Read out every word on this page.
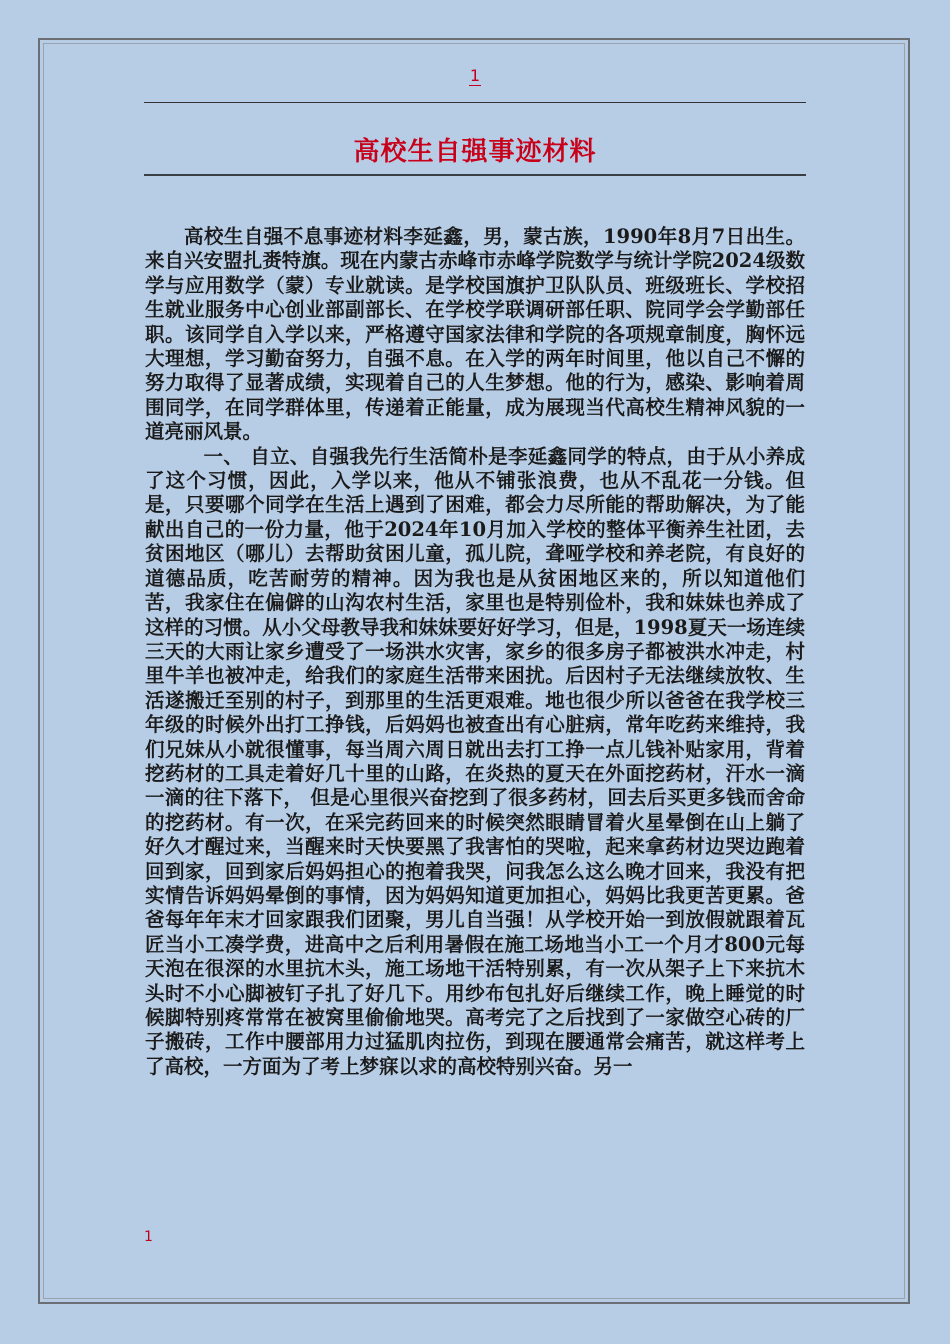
1
高校生自强事迹材料

高校生自强不息事迹材料李延鑫，男，蒙古族，1990年8月7日出生。来自兴安盟扎赉特旗。现在内蒙古赤峰市赤峰学院数学与统计学院2024级数学与应用数学（蒙）专业就读。是学校国旗护卫队队员、班级班长、学校招生就业服务中心创业部副部长、在学校学联调研部任职、院同学会学勤部任职。该同学自入学以来，严格遵守国家法律和学院的各项规章制度，胸怀远大理想，学习勤奋努力，自强不息。在入学的两年时间里，他以自己不懈的努力取得了显著成绩，实现着自己的人生梦想。他的行为，感染、影响着周围同学，在同学群体里，传递着正能量，成为展现当代高校生精神风貌的一道亮丽风景。

一、 自立、自强我先行生活简朴是李延鑫同学的特点，由于从小养成了这个习惯，因此，入学以来，他从不铺张浪费，也从不乱花一分钱。但是，只要哪个同学在生活上遇到了困难，都会力尽所能的帮助解决，为了能献出自己的一份力量，他于2024年10月加入学校的整体平衡养生社团，去贫困地区（哪儿）去帮助贫困儿童，孤儿院，聋哑学校和养老院，有良好的道德品质，吃苦耐劳的精神。因为我也是从贫困地区来的，所以知道他们苦，我家住在偏僻的山沟农村生活，家里也是特别俭朴，我和妹妹也养成了这样的习惯。从小父母教导我和妹妹要好好学习，但是，1998夏天一场连续三天的大雨让家乡遭受了一场洪水灾害，家乡的很多房子都被洪水冲走，村里牛羊也被冲走，给我们的家庭生活带来困扰。后因村子无法继续放牧、生活遂搬迁至别的村子，到那里的生活更艰难。地也很少所以爸爸在我学校三年级的时候外出打工挣钱，后妈妈也被查出有心脏病，常年吃药来维持，我们兄妹从小就很懂事，每当周六周日就出去打工挣一点儿钱补贴家用，背着挖药材的工具走着好几十里的山路，在炎热的夏天在外面挖药材，汗水一滴一滴的往下落下， 但是心里很兴奋挖到了很多药材，回去后买更多钱而舍命的挖药材。有一次，在采完药回来的时候突然眼睛冒着火星晕倒在山上躺了好久才醒过来，当醒来时天快要黑了我害怕的哭啦，起来拿药材边哭边跑着回到家，回到家后妈妈担心的抱着我哭，问我怎么这么晚才回来，我没有把实情告诉妈妈晕倒的事情，因为妈妈知道更加担心，妈妈比我更苦更累。爸爸每年年末才回家跟我们团聚，男儿自当强！从学校开始一到放假就跟着瓦匠当小工凑学费，进高中之后利用暑假在施工场地当小工一个月才800元每天泡在很深的水里抗木头，施工场地干活特别累，有一次从架子上下来抗木头时不小心脚被钉子扎了好几下。用纱布包扎好后继续工作，晚上睡觉的时候脚特别疼常常在被窝里偷偷地哭。高考完了之后找到了一家做空心砖的厂子搬砖，工作中腰部用力过猛肌肉拉伤，到现在腰通常会痛苦，就这样考上了高校，一方面为了考上梦寐以求的高校特别兴奋。另一

1
